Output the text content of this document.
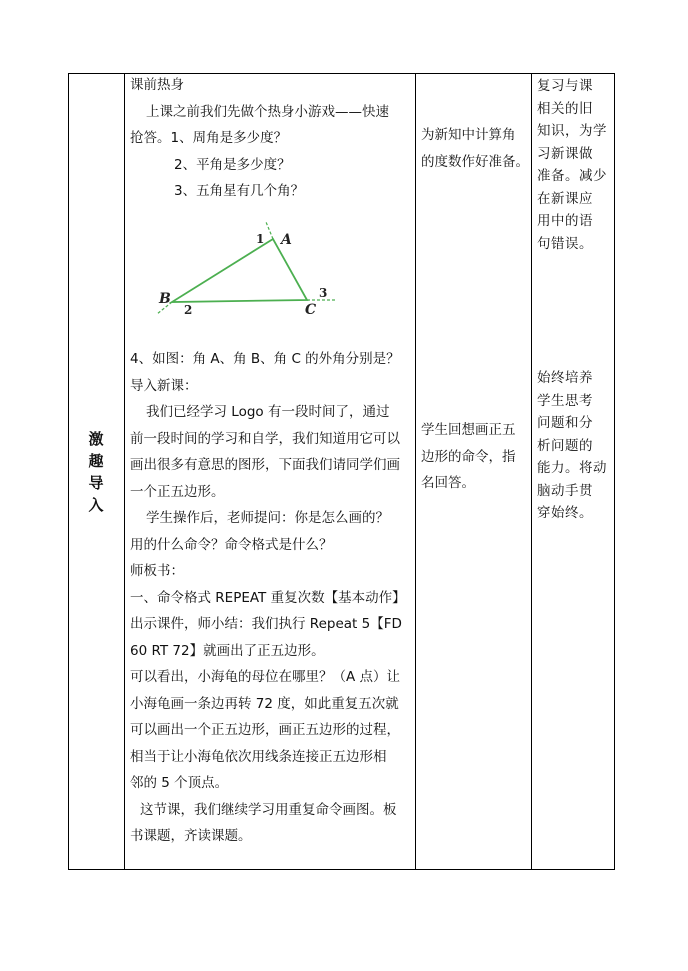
激
趣
导
入

课前热身

上课之前我们先做个热身小游戏——快速

抢答。1、周角是多少度？

2、平角是多少度？

3、五角星有几个角？

A
1
B
2	C
3

4、如图：角 A、角 B、角 C 的外角分别是？

导入新课：

我们已经学习 Logo 有一段时间了，通过

前一段时间的学习和自学，我们知道用它可以

画出很多有意思的图形，下面我们请同学们画

一个正五边形。

学生操作后，老师提问：你是怎么画的？

用的什么命令？命令格式是什么？

师板书：

一、命令格式 REPEAT 重复次数【基本动作】

出示课件，师小结：我们执行 Repeat 5【FD

60 RT 72】就画出了正五边形。

可以看出，小海龟的母位在哪里？（A 点）让

小海龟画一条边再转 72 度，如此重复五次就

可以画出一个正五边形，画正五边形的过程，

相当于让小海龟依次用线条连接正五边形相

邻的 5 个顶点。

这节课，我们继续学习用重复命令画图。板

书课题，齐读课题。

为新知中计算角

的度数作好准备。

学生回想画正五

边形的命令，指

名回答。

复习与课

相关的旧

知识，为学

习新课做

准备。减少

在新课应

用中的语

句错误。

始终培养

学生思考

问题和分

析问题的

能力。将动

脑动手贯

穿始终。
